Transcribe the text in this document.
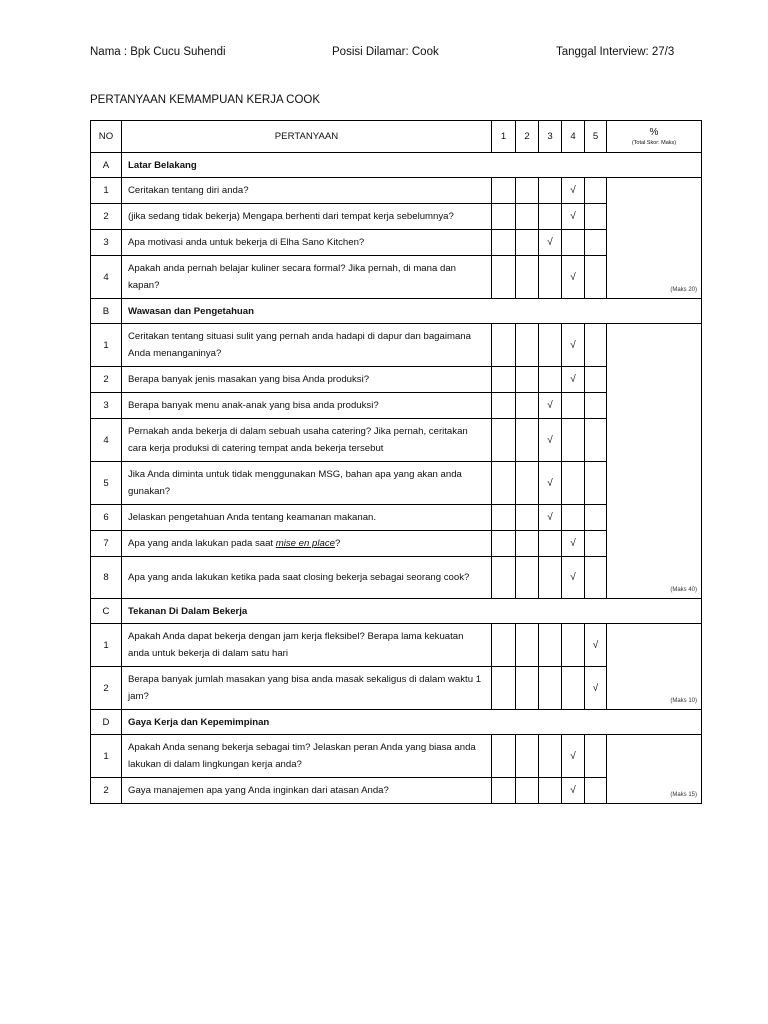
Nama : Bpk Cucu Suhendi	Posisi Dilamar: Cook	Tanggal Interview: 27/3
PERTANYAAN KEMAMPUAN KERJA COOK
NO	PERTANYAAN	1	2	3	4	5	%
(Total Skor: Maks)

A	Latar Belakang						
1	Ceritakan tentang diri anda?				√		(Maks 20)
2	(jika sedang tidak bekerja) Mengapa berhenti dari tempat kerja sebelumnya?				√		
3	Apa motivasi anda untuk bekerja di Elha Sano Kitchen?			√			
4	Apakah anda pernah belajar kuliner secara formal? Jika pernah, di mana dan kapan?				√		
B	Wawasan dan Pengetahuan						
1	Ceritakan tentang situasi sulit yang pernah anda hadapi di dapur dan bagaimana Anda menanganinya?				√		(Maks 40)
2	Berapa banyak jenis masakan yang bisa Anda produksi?				√		
3	Berapa banyak menu anak-anak yang bisa anda produksi?			√			
4	Pernakah anda bekerja di dalam sebuah usaha catering? Jika pernah, ceritakan cara kerja produksi di catering tempat anda bekerja tersebut			√			
5	Jika Anda diminta untuk tidak menggunakan MSG, bahan apa yang akan anda gunakan?			√			
6	Jelaskan pengetahuan Anda tentang keamanan makanan.			√			
7	Apa yang anda lakukan pada saat mise en place?				√		
8	Apa yang anda lakukan ketika pada saat closing bekerja sebagai seorang cook?				√		
C	Tekanan Di Dalam Bekerja						
1	Apakah Anda dapat bekerja dengan jam kerja fleksibel? Berapa lama kekuatan anda untuk bekerja di dalam satu hari					√	(Maks 10)
2	Berapa banyak jumlah masakan yang bisa anda masak sekaligus di dalam waktu 1 jam?					√	
D	Gaya Kerja dan Kepemimpinan						
1	Apakah Anda senang bekerja sebagai tim? Jelaskan peran Anda yang biasa anda lakukan di dalam lingkungan kerja anda?				√		(Maks 15)
2	Gaya manajemen apa yang Anda inginkan dari atasan Anda?				√		
